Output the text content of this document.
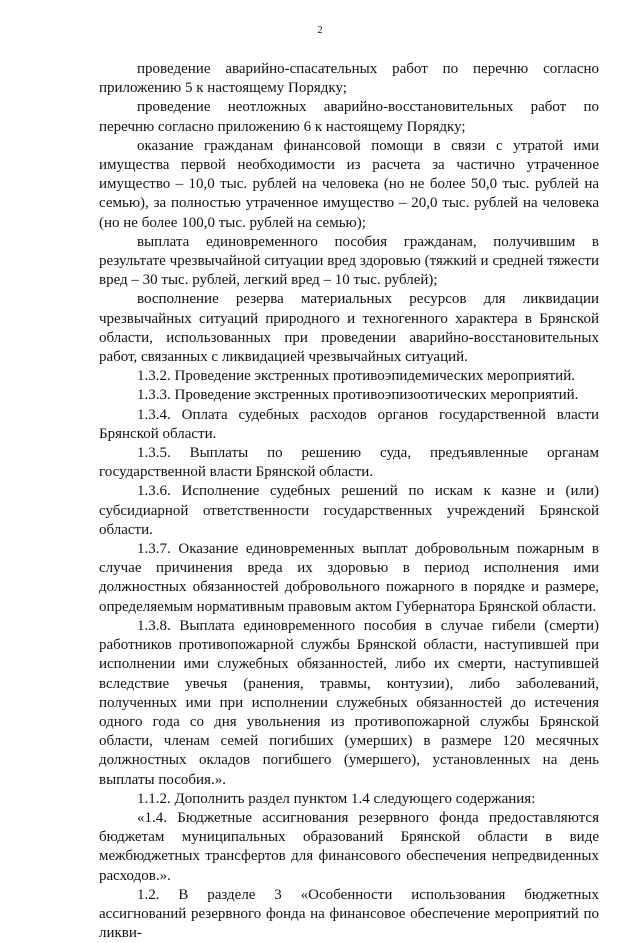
2

проведение аварийно-спасательных работ по перечню согласно приложению 5 к настоящему Порядку;

проведение неотложных аварийно-восстановительных работ по перечню согласно приложению 6 к настоящему Порядку;

оказание гражданам финансовой помощи в связи с утратой ими имущества первой необходимости из расчета за частично утраченное имущество – 10,0 тыс. рублей на человека (но не более 50,0 тыс. рублей на семью), за полностью утраченное имущество – 20,0 тыс. рублей на человека (но не более 100,0 тыс. рублей на семью);

выплата единовременного пособия гражданам, получившим в результате чрезвычайной ситуации вред здоровью (тяжкий и средней тяжести вред – 30 тыс. рублей, легкий вред – 10 тыс. рублей);

восполнение резерва материальных ресурсов для ликвидации чрезвычайных ситуаций природного и техногенного характера в Брянской области, использованных при проведении аварийно-восстановительных работ, связанных с ликвидацией чрезвычайных ситуаций.

1.3.2. Проведение экстренных противоэпидемических мероприятий.

1.3.3. Проведение экстренных противоэпизоотических мероприятий.

1.3.4. Оплата судебных расходов органов государственной власти Брянской области.

1.3.5. Выплаты по решению суда, предъявленные органам государственной власти Брянской области.

1.3.6. Исполнение судебных решений по искам к казне и (или) субсидиарной ответственности государственных учреждений Брянской области.

1.3.7. Оказание единовременных выплат добровольным пожарным в случае причинения вреда их здоровью в период исполнения ими должностных обязанностей добровольного пожарного в порядке и размере, определяемым нормативным правовым актом Губернатора Брянской области.

1.3.8. Выплата единовременного пособия в случае гибели (смерти) работников противопожарной службы Брянской области, наступившей при исполнении ими служебных обязанностей, либо их смерти, наступившей вследствие увечья (ранения, травмы, контузии), либо заболеваний, полученных ими при исполнении служебных обязанностей до истечения одного года со дня увольнения из противопожарной службы Брянской области, членам семей погибших (умерших) в размере 120 месячных должностных окладов погибшего (умершего), установленных на день выплаты пособия.».

1.1.2. Дополнить раздел пунктом 1.4 следующего содержания:

«1.4. Бюджетные ассигнования резервного фонда предоставляются бюджетам муниципальных образований Брянской области в виде межбюджетных трансфертов для финансового обеспечения непредвиденных расходов.».

1.2. В разделе 3 «Особенности использования бюджетных ассигнований резервного фонда на финансовое обеспечение мероприятий по ликви-
